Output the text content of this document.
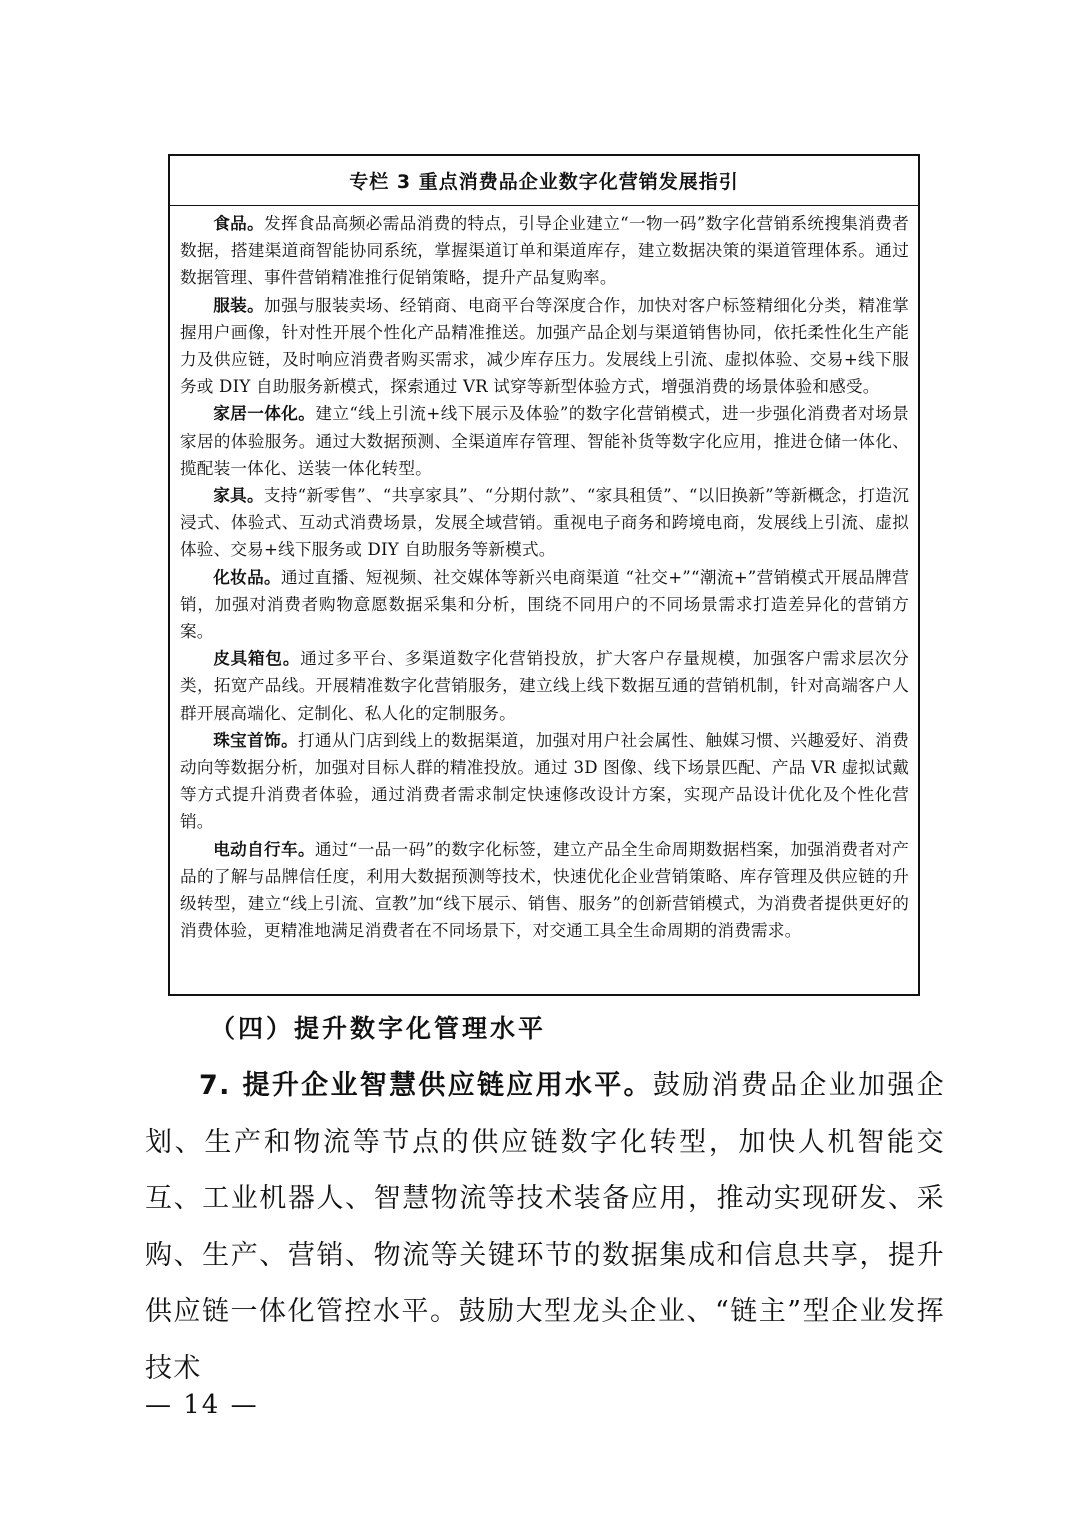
专栏 3 重点消费品企业数字化营销发展指引

食品。发挥食品高频必需品消费的特点，引导企业建立“一物一码”数字化营销系统搜集消费者数据，搭建渠道商智能协同系统，掌握渠道订单和渠道库存，建立数据决策的渠道管理体系。通过数据管理、事件营销精准推行促销策略，提升产品复购率。

服装。加强与服装卖场、经销商、电商平台等深度合作，加快对客户标签精细化分类，精准掌握用户画像，针对性开展个性化产品精准推送。加强产品企划与渠道销售协同，依托柔性化生产能力及供应链，及时响应消费者购买需求，减少库存压力。发展线上引流、虚拟体验、交易+线下服务或 DIY 自助服务新模式，探索通过 VR 试穿等新型体验方式，增强消费的场景体验和感受。

家居一体化。建立“线上引流+线下展示及体验”的数字化营销模式，进一步强化消费者对场景家居的体验服务。通过大数据预测、全渠道库存管理、智能补货等数字化应用，推进仓储一体化、揽配装一体化、送装一体化转型。

家具。支持“新零售”、“共享家具”、“分期付款”、“家具租赁”、“以旧换新”等新概念，打造沉浸式、体验式、互动式消费场景，发展全域营销。重视电子商务和跨境电商，发展线上引流、虚拟体验、交易+线下服务或 DIY 自助服务等新模式。

化妆品。通过直播、短视频、社交媒体等新兴电商渠道 “社交+”“潮流+”营销模式开展品牌营销，加强对消费者购物意愿数据采集和分析，围绕不同用户的不同场景需求打造差异化的营销方案。

皮具箱包。通过多平台、多渠道数字化营销投放，扩大客户存量规模，加强客户需求层次分类，拓宽产品线。开展精准数字化营销服务，建立线上线下数据互通的营销机制，针对高端客户人群开展高端化、定制化、私人化的定制服务。

珠宝首饰。打通从门店到线上的数据渠道，加强对用户社会属性、触媒习惯、兴趣爱好、消费动向等数据分析，加强对目标人群的精准投放。通过 3D 图像、线下场景匹配、产品 VR 虚拟试戴等方式提升消费者体验，通过消费者需求制定快速修改设计方案，实现产品设计优化及个性化营销。

电动自行车。通过“一品一码”的数字化标签，建立产品全生命周期数据档案，加强消费者对产品的了解与品牌信任度，利用大数据预测等技术，快速优化企业营销策略、库存管理及供应链的升级转型，建立“线上引流、宣教”加“线下展示、销售、服务”的创新营销模式，为消费者提供更好的消费体验，更精准地满足消费者在不同场景下，对交通工具全生命周期的消费需求。

（四）提升数字化管理水平

7. 提升企业智慧供应链应用水平。鼓励消费品企业加强企划、生产和物流等节点的供应链数字化转型，加快人机智能交互、工业机器人、智慧物流等技术装备应用，推动实现研发、采购、生产、营销、物流等关键环节的数据集成和信息共享，提升供应链一体化管控水平。鼓励大型龙头企业、“链主”型企业发挥技术

— 14 —
